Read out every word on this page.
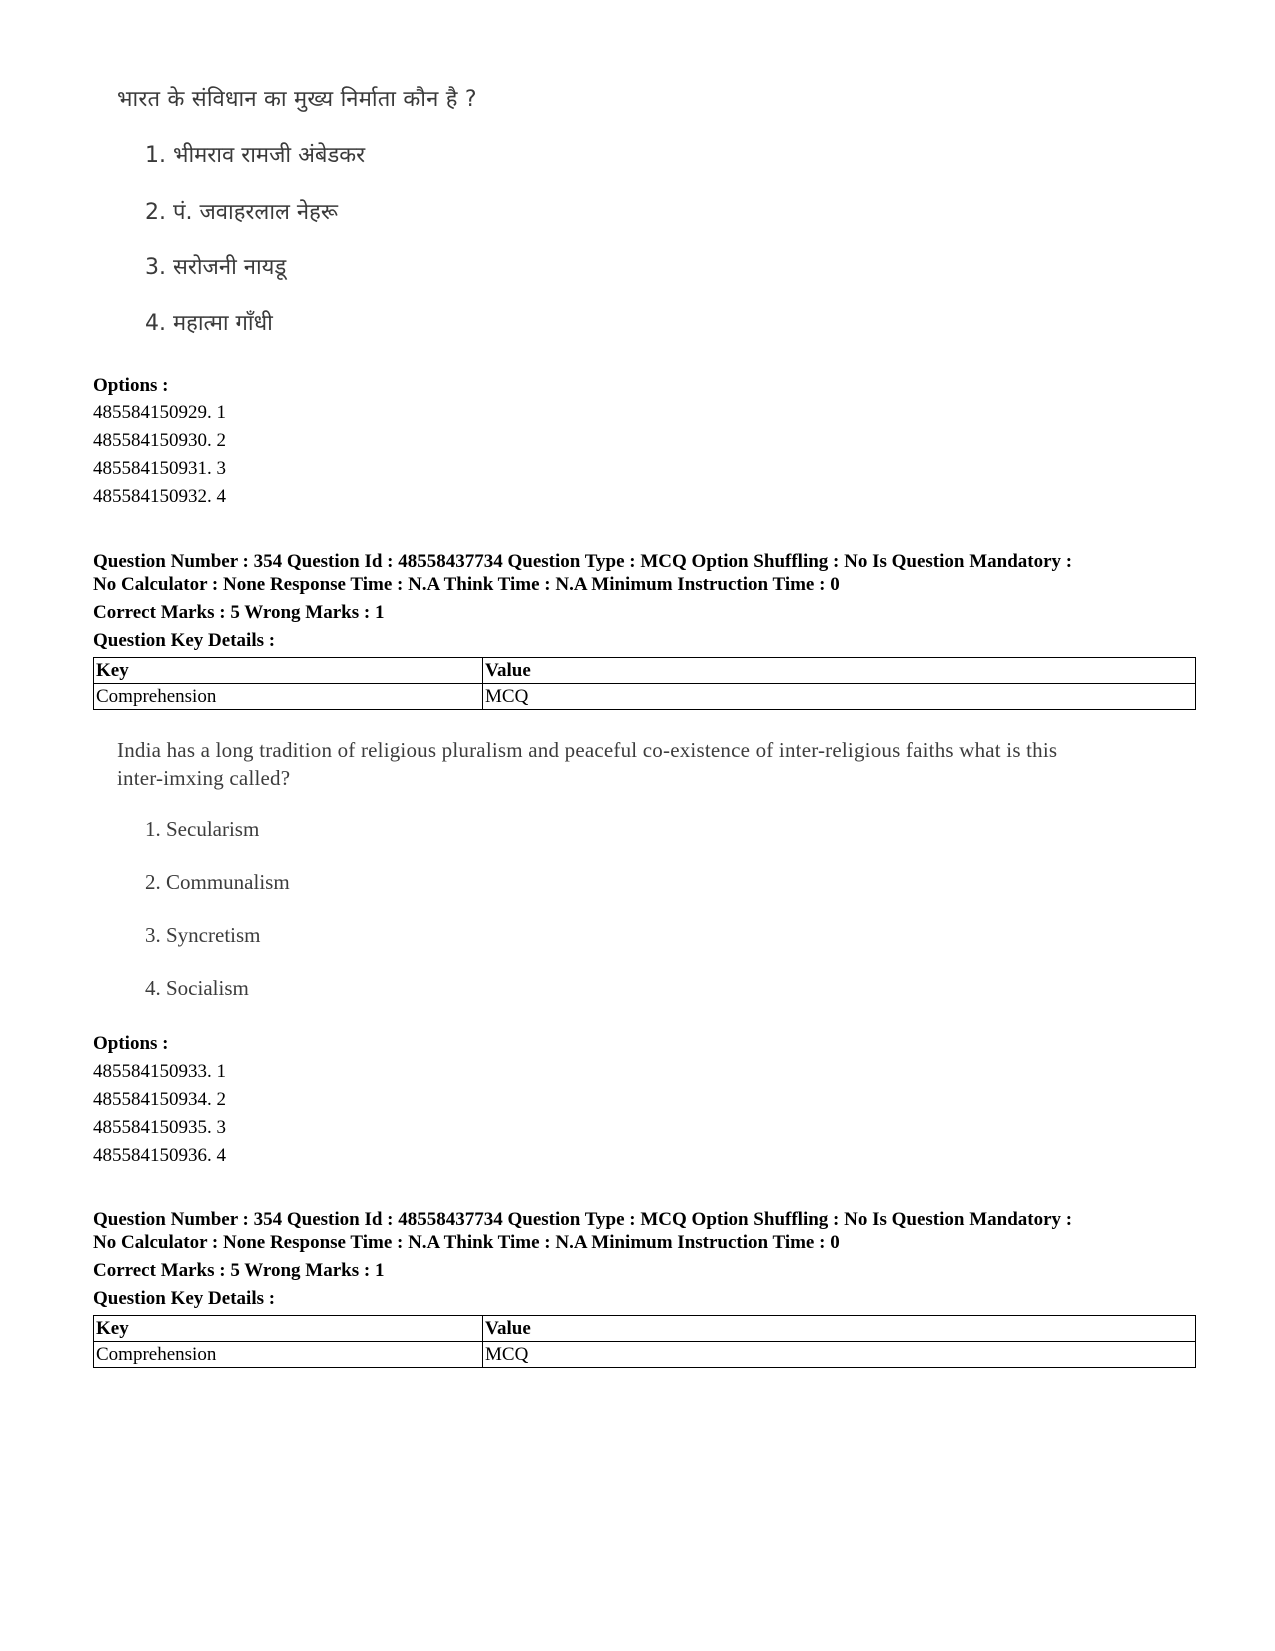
भारत के संविधान का मुख्य निर्माता कौन है ?
1. भीमराव रामजी अंबेडकर
2. पं. जवाहरलाल नेहरू
3. सरोजनी नायडू
4. महात्मा गाँधी
Options :
485584150929. 1
485584150930. 2
485584150931. 3
485584150932. 4
Question Number : 354 Question Id : 48558437734 Question Type : MCQ Option Shuffling : No Is Question Mandatory :
No Calculator : None Response Time : N.A Think Time : N.A Minimum Instruction Time : 0
Correct Marks : 5 Wrong Marks : 1
Question Key Details :
Key	Value
Comprehension	MCQ
India has a long tradition of religious pluralism and peaceful co-existence of inter-religious faiths what is this
inter-imxing called?
1. Secularism
2. Communalism
3. Syncretism
4. Socialism
Options :
485584150933. 1
485584150934. 2
485584150935. 3
485584150936. 4
Question Number : 354 Question Id : 48558437734 Question Type : MCQ Option Shuffling : No Is Question Mandatory :
No Calculator : None Response Time : N.A Think Time : N.A Minimum Instruction Time : 0
Correct Marks : 5 Wrong Marks : 1
Question Key Details :
Key	Value
Comprehension	MCQ
